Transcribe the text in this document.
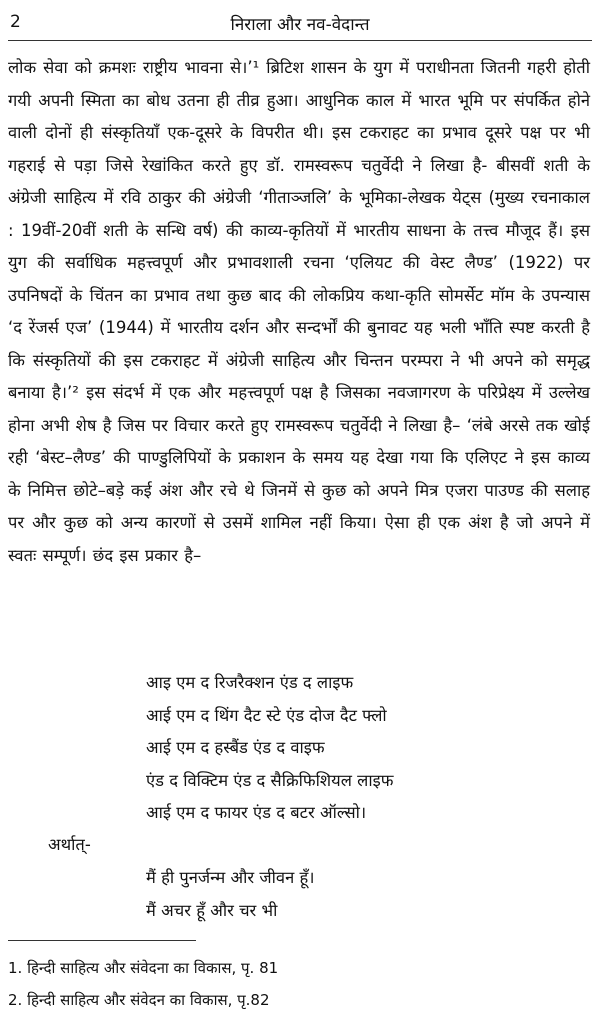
2	निराला और नव-वेदान्त
लोक सेवा को क्रमशः राष्ट्रीय भावना से।’¹ ब्रिटिश शासन के युग में पराधीनता जितनी गहरी होती गयी अपनी स्मिता का बोध उतना ही तीव्र हुआ। आधुनिक काल में भारत भूमि पर संपर्कित होने वाली दोनों ही संस्कृतियाँ एक-दूसरे के विपरीत थी। इस टकराहट का प्रभाव दूसरे पक्ष पर भी गहराई से पड़ा जिसे रेखांकित करते हुए डॉ. रामस्वरूप चतुर्वेदी ने लिखा है- बीसवीं शती के अंग्रेजी साहित्य में रवि ठाकुर की अंग्रेजी ‘गीताञ्जलि’ के भूमिका-लेखक येट्स (मुख्य रचनाकाल : 19वीं-20वीं शती के सन्धि वर्ष) की काव्य-कृतियों में भारतीय साधना के तत्त्व मौजूद हैं। इस युग की सर्वाधिक महत्त्वपूर्ण और प्रभावशाली रचना ‘एलियट की वेस्ट लैण्ड’ (1922) पर उपनिषदों के चिंतन का प्रभाव तथा कुछ बाद की लोकप्रिय कथा-कृति सोमर्सेट मॉम के उपन्यास ‘द रेंजर्स एज’ (1944) में भारतीय दर्शन और सन्दर्भों की बुनावट यह भली भाँति स्पष्ट करती है कि संस्कृतियों की इस टकराहट में अंग्रेजी साहित्य और चिन्तन परम्परा ने भी अपने को समृद्ध बनाया है।’² इस संदर्भ में एक और महत्त्वपूर्ण पक्ष है जिसका नवजागरण के परिप्रेक्ष्य में उल्लेख होना अभी शेष है जिस पर विचार करते हुए रामस्वरूप चतुर्वेदी ने लिखा है– ‘लंबे अरसे तक खोई रही ‘बेस्ट–लैण्ड’ की पाण्डुलिपियों के प्रकाशन के समय यह देखा गया कि एलिएट ने इस काव्य के निमित्त छोटे–बड़े कई अंश और रचे थे जिनमें से कुछ को अपने मित्र एजरा पाउण्ड की सलाह पर और कुछ को अन्य कारणों से उसमें शामिल नहीं किया। ऐसा ही एक अंश है जो अपने में स्वतः सम्पूर्ण। छंद इस प्रकार है–
आइ एम द रिजरैक्शन एंड द लाइफ
आई एम द थिंग दैट स्टे एंड दोज दैट फ्लो
आई एम द हस्बैंड एंड द वाइफ
एंड द विक्टिम एंड द सैक्रिफिशियल लाइफ
आई एम द फायर एंड द बटर ऑल्सो।
अर्थात्-
मैं ही पुनर्जन्म और जीवन हूँ।
मैं अचर हूँ और चर भी
1. हिन्दी साहित्य और संवेदना का विकास, पृ. 81
2. हिन्दी साहित्य और संवेदन का विकास, पृ.82
